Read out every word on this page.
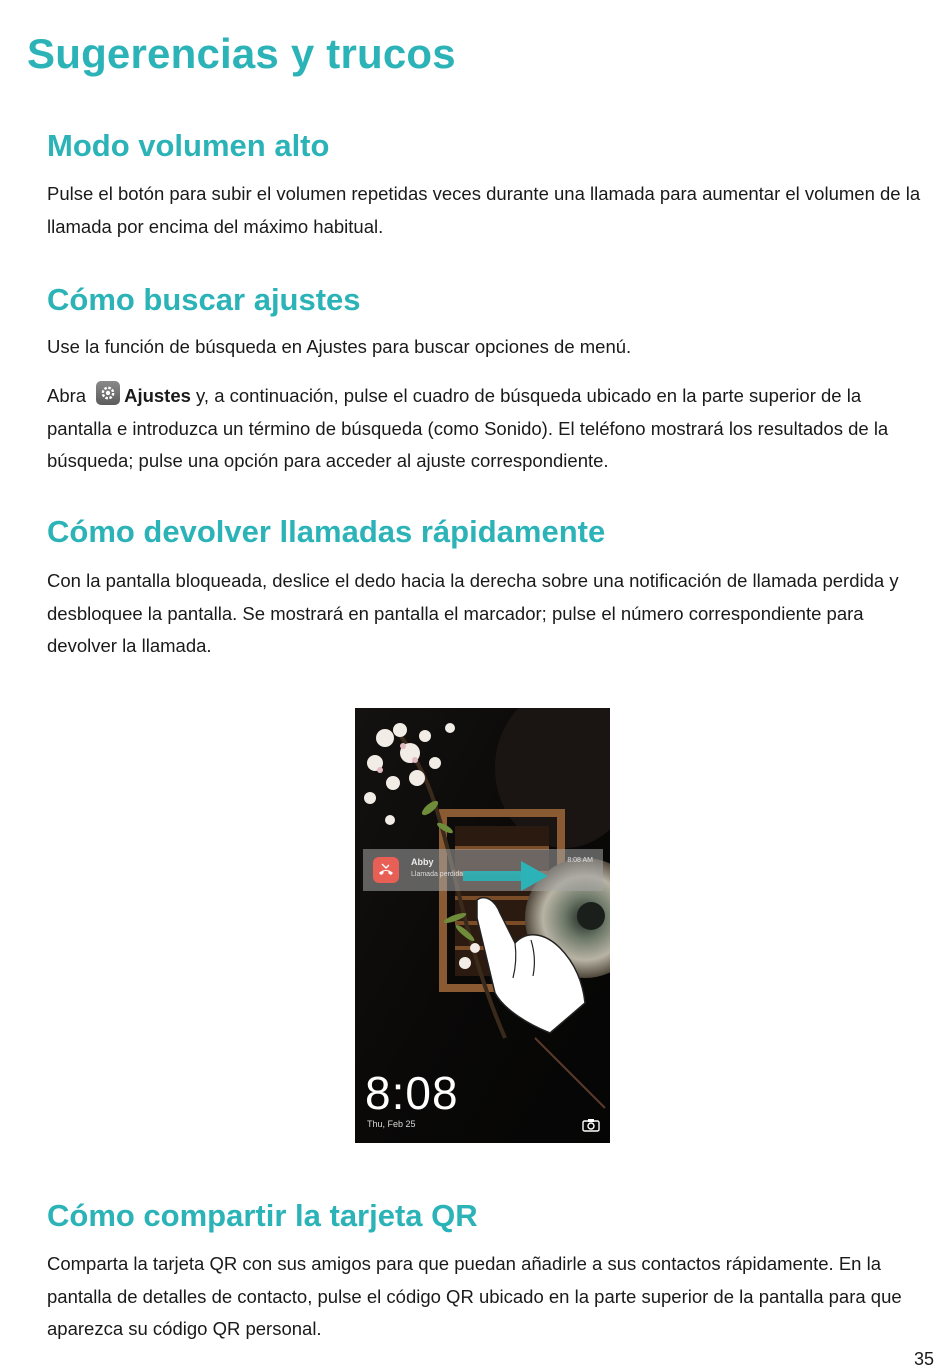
Sugerencias y trucos
Modo volumen alto

Pulse el botón para subir el volumen repetidas veces durante una llamada para aumentar el volumen de la llamada por encima del máximo habitual.

Cómo buscar ajustes

Use la función de búsqueda en Ajustes para buscar opciones de menú.

Abra Ajustes y, a continuación, pulse el cuadro de búsqueda ubicado en la parte superior de la pantalla e introduzca un término de búsqueda (como Sonido). El teléfono mostrará los resultados de la búsqueda; pulse una opción para acceder al ajuste correspondiente.

Cómo devolver llamadas rápidamente

Con la pantalla bloqueada, deslice el dedo hacia la derecha sobre una notificación de llamada perdida y desbloquee la pantalla. Se mostrará en pantalla el marcador; pulse el número correspondiente para devolver la llamada.

Abby
Llamada perdida
8:08 AM
8:08
Thu, Feb 25
Cómo compartir la tarjeta QR

Comparta la tarjeta QR con sus amigos para que puedan añadirle a sus contactos rápidamente. En la pantalla de detalles de contacto, pulse el código QR ubicado en la parte superior de la pantalla para que aparezca su código QR personal.

35
